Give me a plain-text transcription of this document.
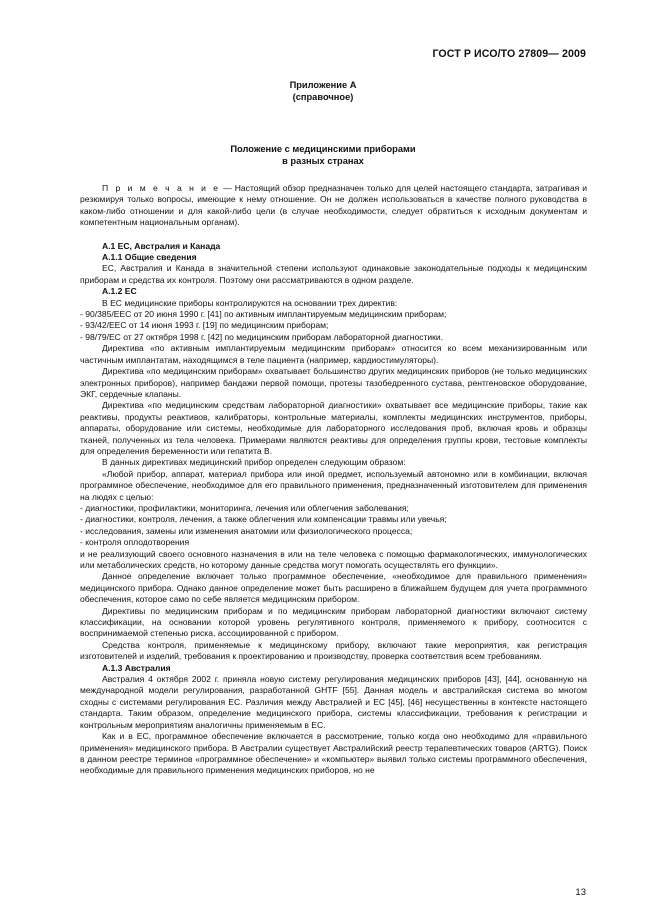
ГОСТ Р ИСО/ТО 27809— 2009
Приложение А
(справочное)
Положение с медицинскими приборами
в разных странах

П р и м е ч а н и е — Настоящий обзор предназначен только для целей настоящего стандарта, затрагивая и резюмируя только вопросы, имеющие к нему отношение. Он не должен использоваться в качестве полного руководства в каком-либо отношении и для какой-либо цели (в случае необходимости, следует обратиться к исходным документам и компетентным национальным органам).

А.1 ЕС, Австралия и Канада

А.1.1 Общие сведения

ЕС, Австралия и Канада в значительной степени используют одинаковые законодательные подходы к медицинским приборам и средства их контроля. Поэтому они рассматриваются в одном разделе.

А.1.2 ЕС

В ЕС медицинские приборы контролируются на основании трех директив:

- 90/385/EEC от 20 июня 1990 г. [41] по активным имплантируемым медицинским приборам;

- 93/42/EEC от 14 июня 1993 г. [19] по медицинским приборам;

- 98/79/EC от 27 октября 1998 г. [42] по медицинским приборам лабораторной диагностики.

Директива «по активным имплантируемым медицинским приборам» относится ко всем механизированным или частичным имплантатам, находящимся в теле пациента (например, кардиостимуляторы).

Директива «по медицинским приборам» охватывает большинство других медицинских приборов (не только медицинских электронных приборов), например бандажи первой помощи, протезы тазобедренного сустава, рентгеновское оборудование, ЭКГ, сердечные клапаны.

Директива «по медицинским средствам лабораторной диагностики» охватывает все медицинские приборы, такие как реактивы, продукты реактивов, калибраторы, контрольные материалы, комплекты медицинских инструментов, приборы, аппараты, оборудование или системы, необходимые для лабораторного исследования проб, включая кровь и образцы тканей, полученных из тела человека. Примерами являются реактивы для определения группы крови, тестовые комплекты для определения беременности или гепатита В.

В данных директивах медицинский прибор определен следующим образом:

«Любой прибор, аппарат, материал прибора или иной предмет, используемый автономно или в комбинации, включая программное обеспечение, необходимое для его правильного применения, предназначенный изготовителем для применения на людях с целью:

- диагностики, профилактики, мониторинга, лечения или облегчения заболевания;

- диагностики, контроля, лечения, а также облегчения или компенсации травмы или увечья;

- исследования, замены или изменения анатомии или физиологического процесса;

- контроля оплодотворения

и не реализующий своего основного назначения в или на теле человека с помощью фармакологических, иммунологических или метаболических средств, но которому данные средства могут помогать осуществлять его функции».

Данное определение включает только программное обеспечение, «необходимое для правильного применения» медицинского прибора. Однако данное определение может быть расширено в ближайшем будущем для учета программного обеспечения, которое само по себе является медицинским прибором.

Директивы по медицинским приборам и по медицинским приборам лабораторной диагностики включают систему классификации, на основании которой уровень регулятивного контроля, применяемого к прибору, соотносится с воспринимаемой степенью риска, ассоциированной с прибором.

Средства контроля, применяемые к медицинскому прибору, включают такие мероприятия, как регистрация изготовителей и изделий, требования к проектированию и производству, проверка соответствия всем требованиям.

А.1.3 Австралия

Австралия 4 октября 2002 г. приняла новую систему регулирования медицинских приборов [43], [44], основанную на международной модели регулирования, разработанной GHTF [55]. Данная модель и австралийская система во многом сходны с системами регулирования ЕС. Различия между Австралией и ЕС [45], [46] несущественны в контексте настоящего стандарта. Таким образом, определение медицинского прибора, системы классификации, требования к регистрации и контрольным мероприятиям аналогичны применяемым в ЕС.

Как и в ЕС, программное обеспечение включается в рассмотрение, только когда оно необходимо для «правильного применения» медицинского прибора. В Австралии существует Австралийский реестр терапевтических товаров (ARTG). Поиск в данном реестре терминов «программное обеспечение» и «компьютер» выявил только системы программного обеспечения, необходимые для правильного применения медицинских приборов, но не

13
